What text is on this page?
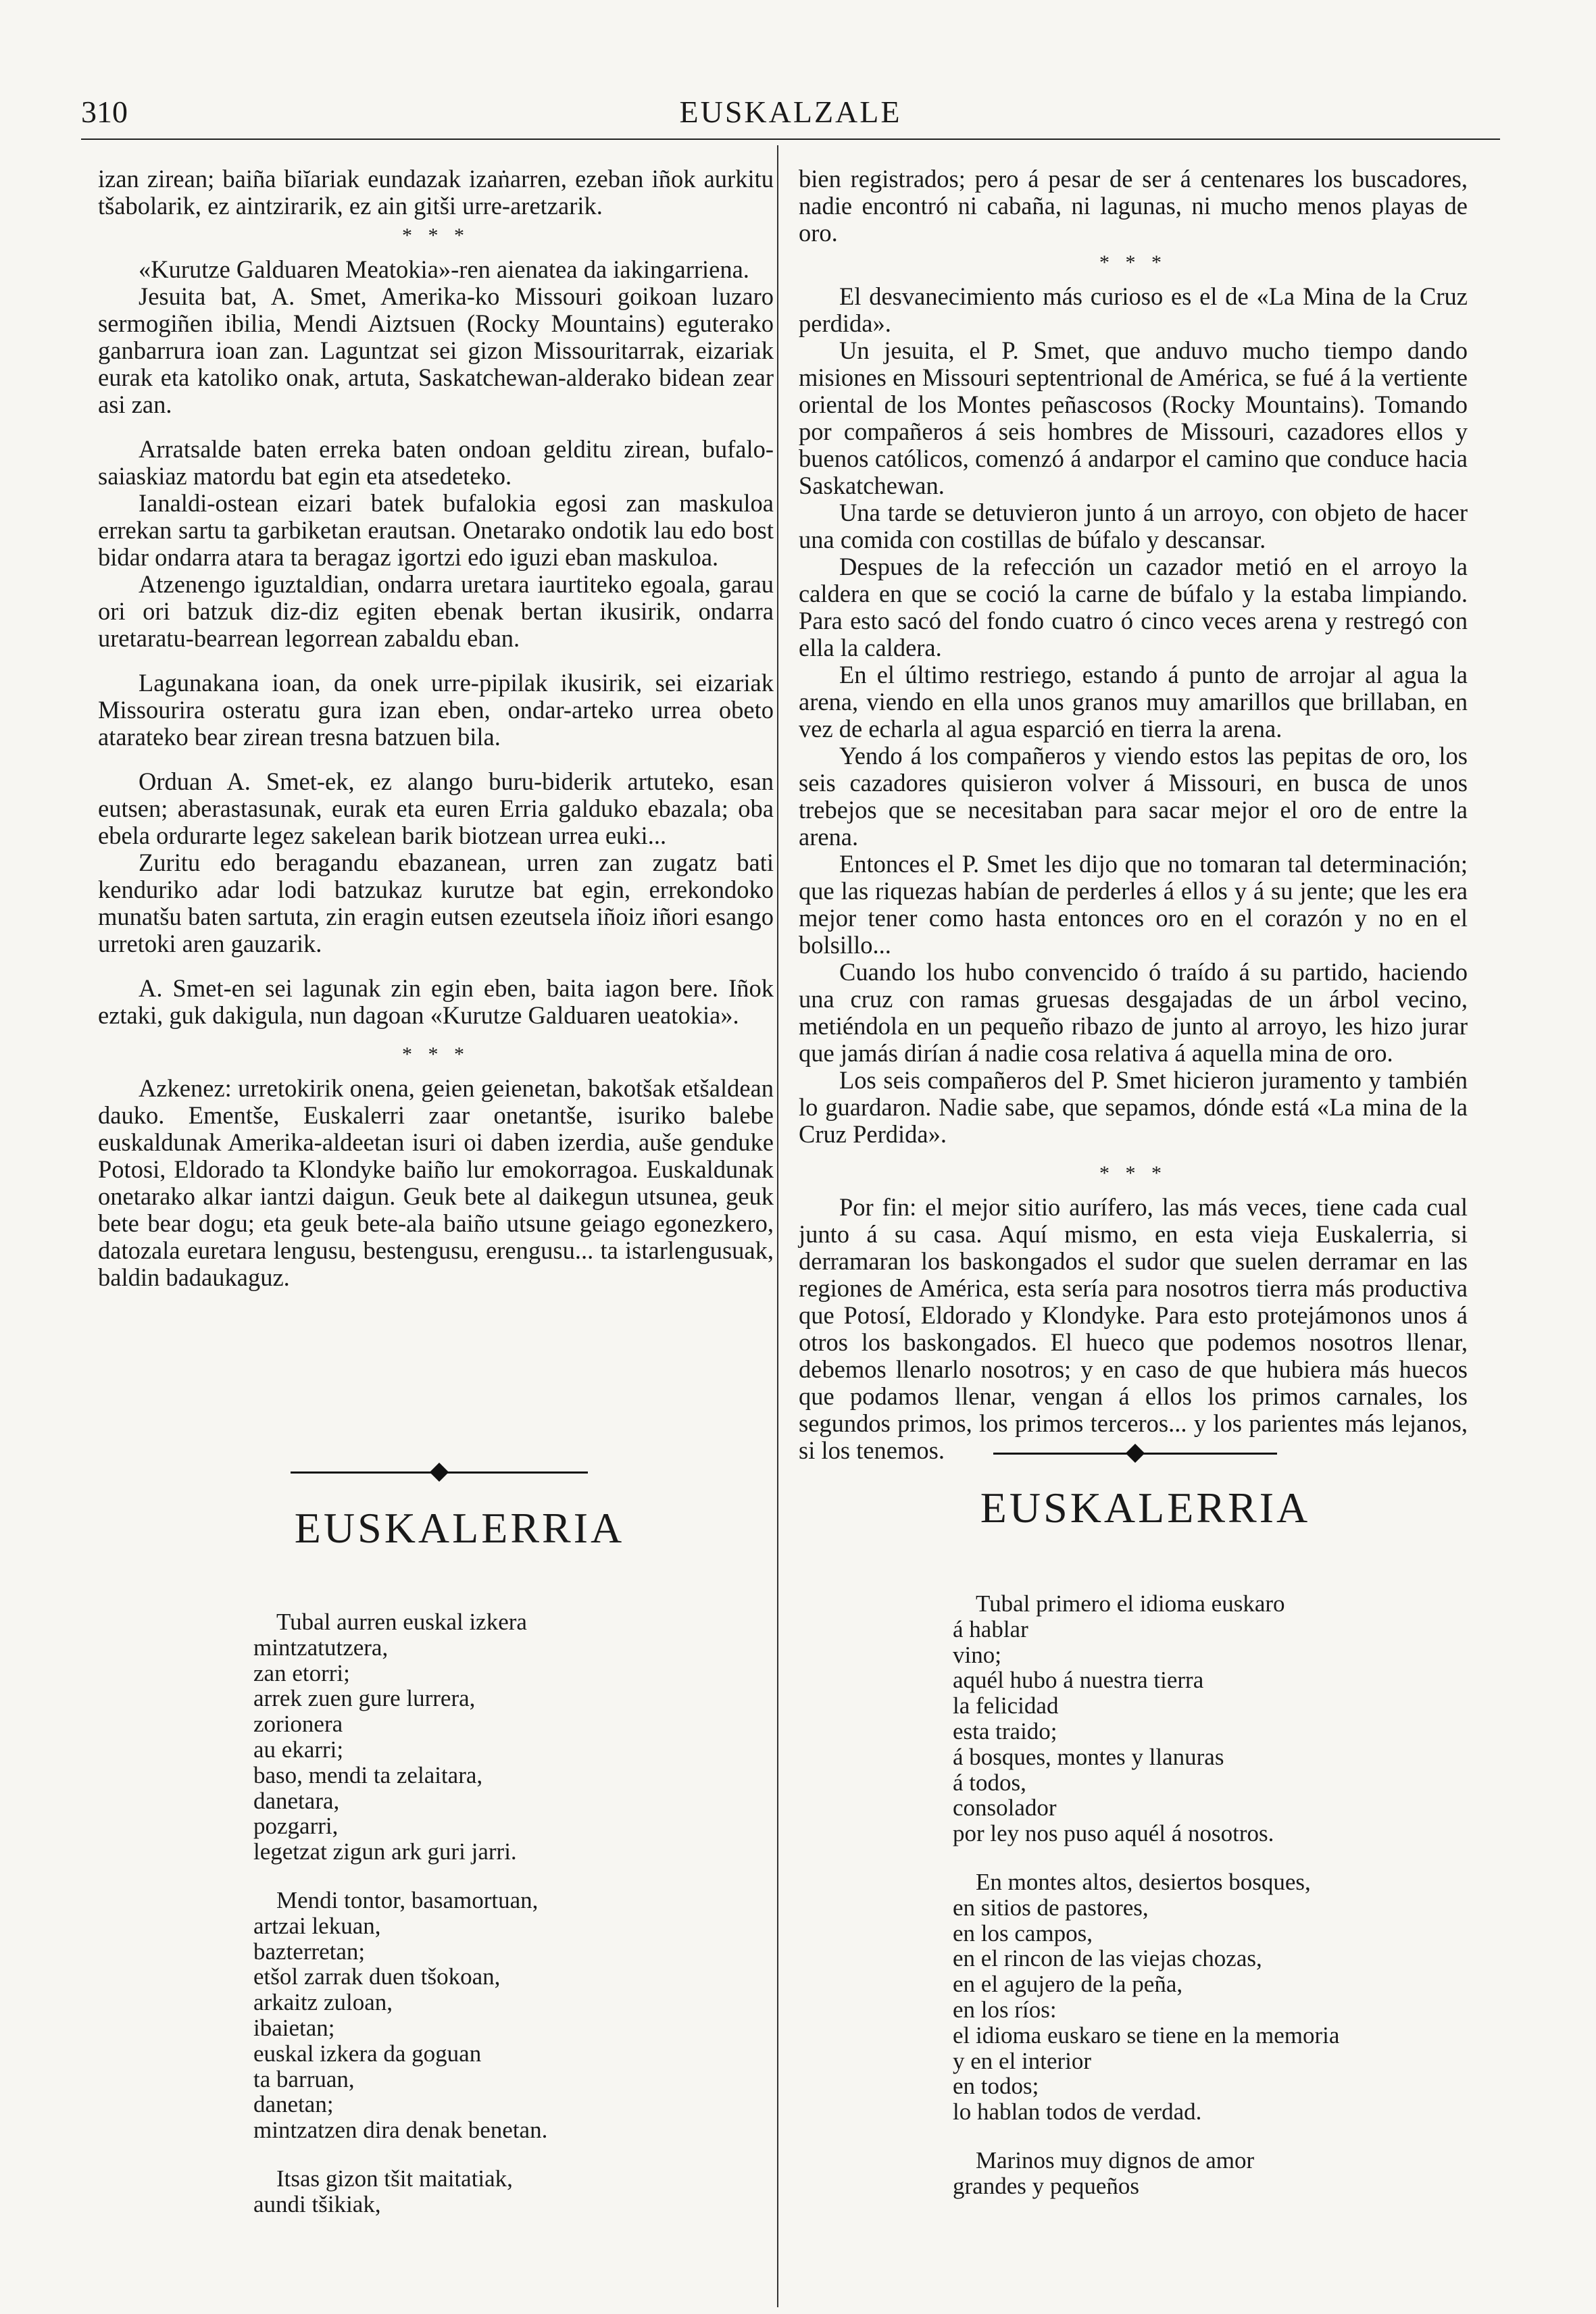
310	EUSKALZALE

izan zirean; baiña biĭariak eundazak izaṅarren, ezeban iñok aurkitu tšabolarik, ez aintzirarik, ez ain gitši urre-aretzarik.

* * *

«Kurutze Galduaren Meatokia»-ren aienatea da iakingarriena.

Jesuita bat, A. Smet, Amerika-ko Missouri goikoan luzaro sermogiñen ibilia, Mendi Aiztsuen (Rocky Mountains) eguterako ganbarrura ioan zan. Laguntzat sei gizon Missouritarrak, eizariak eurak eta katoliko onak, artuta, Saskatchewan-alderako bidean zear asi zan.

Arratsalde baten erreka baten ondoan gelditu zirean, bufalo-saiaskiaz matordu bat egin eta atsedeteko.

Ianaldi-ostean eizari batek bufalokia egosi zan maskuloa errekan sartu ta garbiketan erautsan. Onetarako ondotik lau edo bost bidar ondarra atara ta beragaz igortzi edo iguzi eban maskuloa.

Atzenengo iguztaldian, ondarra uretara iaurtiteko egoala, garau ori ori batzuk diz-diz egiten ebenak bertan ikusirik, ondarra uretaratu-bearrean legorrean zabaldu eban.

Lagunakana ioan, da onek urre-pipilak ikusirik, sei eizariak Missourira osteratu gura izan eben, ondar-arteko urrea obeto atarateko bear zirean tresna batzuen bila.

Orduan A. Smet-ek, ez alango buru-biderik artuteko, esan eutsen; aberastasunak, eurak eta euren Erria galduko ebazala; oba ebela ordurarte legez sakelean barik biotzean urrea euki...

Zuritu edo beragandu ebazanean, urren zan zugatz bati kenduriko adar lodi batzukaz kurutze bat egin, errekondoko munatšu baten sartuta, zin eragin eutsen ezeutsela iñoiz iñori esango urretoki aren gauzarik.

A. Smet-en sei lagunak zin egin eben, baita iagon bere. Iñok eztaki, guk dakigula, nun dagoan «Kurutze Galduaren ueatokia».

* * *

Azkenez: urretokirik onena, geien geienetan, bakotšak etšaldean dauko. Ementše, Euskalerri zaar onetantše, isuriko balebe euskaldunak Amerika-aldeetan isuri oi daben izerdia, auše genduke Potosi, Eldorado ta Klondyke baiño lur emokorragoa. Euskaldunak onetarako alkar iantzi daigun. Geuk bete al daikegun utsunea, geuk bete bear dogu; eta geuk bete-ala baiño utsune geiago egonezkero, datozala euretara lengusu, bestengusu, erengusu... ta istarlengusuak, baldin badaukaguz.

bien registrados; pero á pesar de ser á centenares los buscadores, nadie encontró ni cabaña, ni lagunas, ni mucho menos playas de oro.

* * *

El desvanecimiento más curioso es el de «La Mina de la Cruz perdida».

Un jesuita, el P. Smet, que anduvo mucho tiempo dando misiones en Missouri septentrional de América, se fué á la vertiente oriental de los Montes peñascosos (Rocky Mountains). Tomando por compañeros á seis hombres de Missouri, cazadores ellos y buenos católicos, comenzó á andarpor el camino que conduce hacia Saskatchewan.

Una tarde se detuvieron junto á un arroyo, con objeto de hacer una comida con costillas de búfalo y descansar.

Despues de la refección un cazador metió en el arroyo la caldera en que se coció la carne de búfalo y la estaba limpiando. Para esto sacó del fondo cuatro ó cinco veces arena y restregó con ella la caldera.

En el último restriego, estando á punto de arrojar al agua la arena, viendo en ella unos granos muy amarillos que brillaban, en vez de echarla al agua esparció en tierra la arena.

Yendo á los compañeros y viendo estos las pepitas de oro, los seis cazadores quisieron volver á Missouri, en busca de unos trebejos que se necesitaban para sacar mejor el oro de entre la arena.

Entonces el P. Smet les dijo que no tomaran tal determinación; que las riquezas habían de perderles á ellos y á su jente; que les era mejor tener como hasta entonces oro en el corazón y no en el bolsillo...

Cuando los hubo convencido ó traído á su partido, haciendo una cruz con ramas gruesas desgajadas de un árbol vecino, metiéndola en un pequeño ribazo de junto al arroyo, les hizo jurar que jamás dirían á nadie cosa relativa á aquella mina de oro.

Los seis compañeros del P. Smet hicieron juramento y también lo guardaron. Nadie sabe, que sepamos, dónde está «La mina de la Cruz Perdida».

* * *

Por fin: el mejor sitio aurífero, las más veces, tiene cada cual junto á su casa. Aquí mismo, en esta vieja Euskalerria, si derramaran los baskongados el sudor que suelen derramar en las regiones de América, esta sería para nosotros tierra más productiva que Potosí, Eldorado y Klondyke. Para esto protejámonos unos á otros los baskongados. El hueco que podemos nosotros llenar, debemos llenarlo nosotros; y en caso de que hubiera más huecos que podamos llenar, vengan á ellos los primos carnales, los segundos primos, los primos terceros... y los parientes más lejanos, si los tenemos.

EUSKALERRIA	EUSKALERRIA
Tubal aurren euskal izkera
mintzatutzera,
zan etorri;
arrek zuen gure lurrera,
zorionera
au ekarri;
baso, mendi ta zelaitara,
danetara,
pozgarri,
legetzat zigun ark guri jarri.
Mendi tontor, basamortuan,
artzai lekuan,
bazterretan;
etšol zarrak duen tšokoan,
arkaitz zuloan,
ibaietan;
euskal izkera da goguan
ta barruan,
danetan;
mintzatzen dira denak benetan.
Itsas gizon tšit maitatiak,
aundi tšikiak,
Tubal primero el idioma euskaro
á hablar
vino;
aquél hubo á nuestra tierra
la felicidad
esta traido;
á bosques, montes y llanuras
á todos,
consolador
por ley nos puso aquél á nosotros.
En montes altos, desiertos bosques,
en sitios de pastores,
en los campos,
en el rincon de las viejas chozas,
en el agujero de la peña,
en los ríos:
el idioma euskaro se tiene en la memoria
y en el interior
en todos;
lo hablan todos de verdad.
Marinos muy dignos de amor
grandes y pequeños
